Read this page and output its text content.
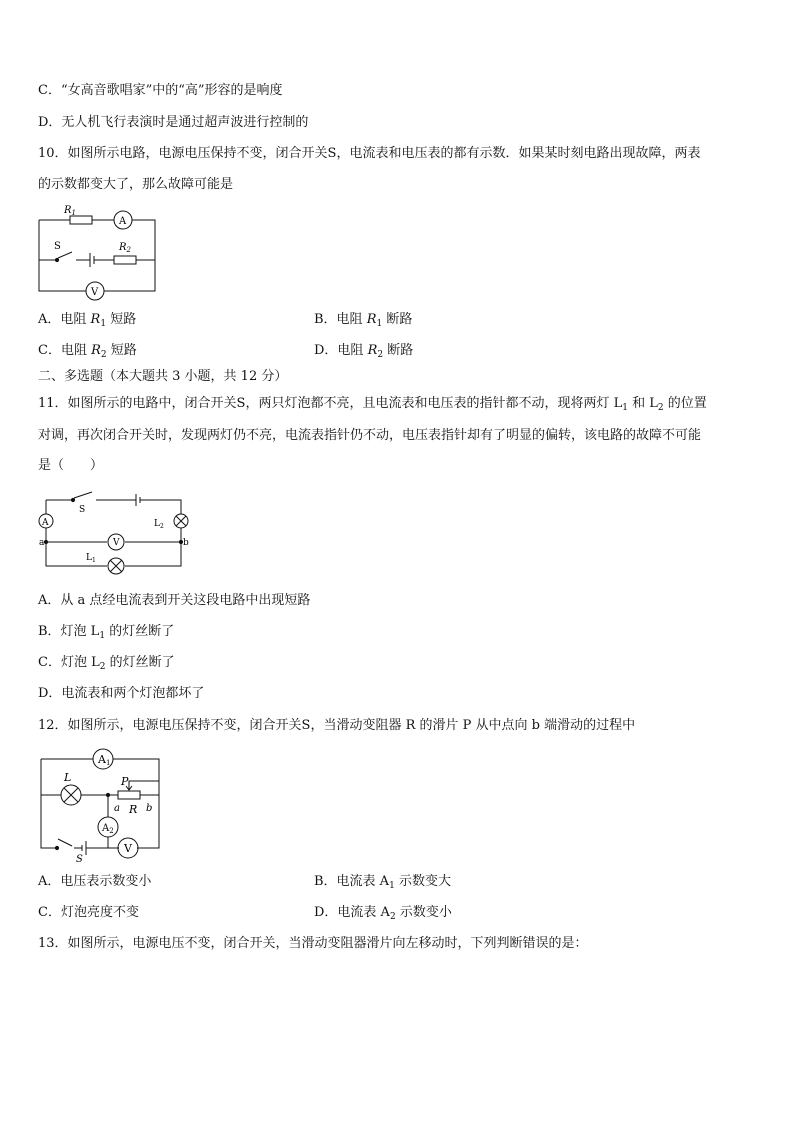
C．“女高音歌唱家”中的“高”形容的是响度
D．无人机飞行表演时是通过超声波进行控制的
10．如图所示电路，电源电压保持不变，闭合开关S，电流表和电压表的都有示数．如果某时刻电路出现故障，两表
的示数都变大了，那么故障可能是
$R_1$
A
S	$R_2$
V
A．电阻 $R_1$ 短路	B．电阻 $R_1$ 断路
C．电阻 $R_2$ 短路	D．电阻 $R_2$ 断路
二、多选题（本大题共 3 小题，共 12 分）
11．如图所示的电路中，闭合开关S，两只灯泡都不亮，且电流表和电压表的指针都不动，现将两灯 $L_1$ 和 $L_2$ 的位置
对调，再次闭合开关时，发现两灯仍不亮，电流表指针仍不动，电压表指针却有了明显的偏转，该电路的故障不可能
是（　　）
S
A	$L_2$
a	b
V
$L_1$
A．从 a 点经电流表到开关这段电路中出现短路
B．灯泡 $L_1$ 的灯丝断了
C．灯泡 $L_2$ 的灯丝断了
D．电流表和两个灯泡都坏了
12．如图所示，电源电压保持不变，闭合开关S，当滑动变阻器 R 的滑片 P 从中点向 b 端滑动的过程中
A1
L	P
a R b
$A_2$
S
V
A．电压表示数变小	B．电流表 $A_1$ 示数变大
C．灯泡亮度不变	D．电流表 $A_2$ 示数变小
13．如图所示，电源电压不变，闭合开关，当滑动变阻器滑片向左移动时，下列判断错误的是：
